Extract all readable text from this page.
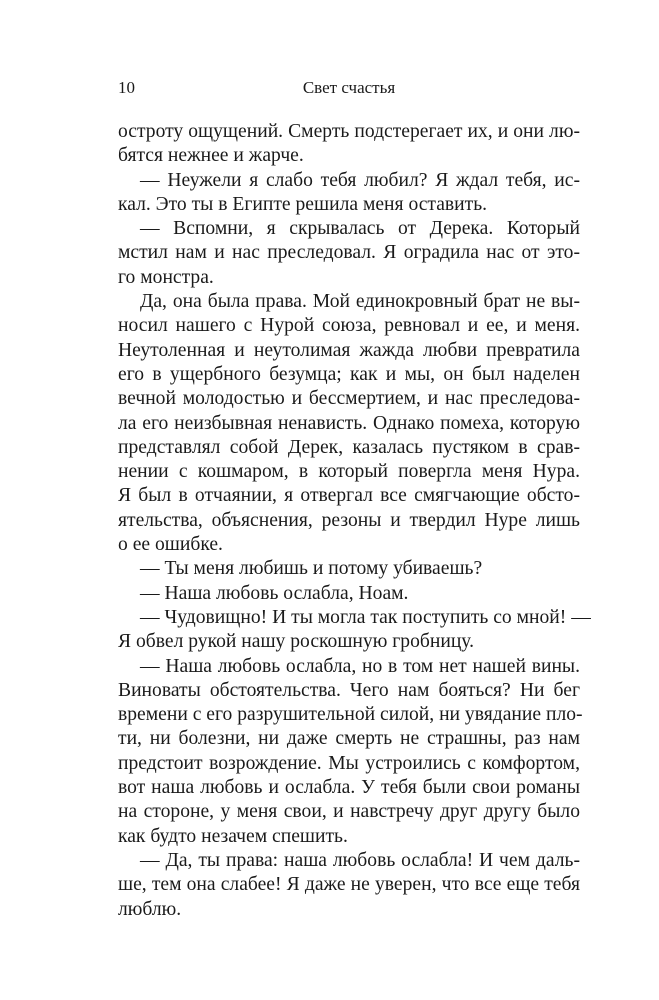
10	Свет счастья
остроту ощущений. Смерть подстерегает их, и они лю-
бятся нежнее и жарче.
— Неужели я слабо тебя любил? Я ждал тебя, ис-
кал. Это ты в Египте решила меня оставить.
— Вспомни, я скрывалась от Дерека. Который
мстил нам и нас преследовал. Я оградила нас от это-
го монстра.
Да, она была права. Мой единокровный брат не вы-
носил нашего с Нурой союза, ревновал и ее, и меня.
Неутоленная и неутолимая жажда любви превратила
его в ущербного безумца; как и мы, он был наделен
вечной молодостью и бессмертием, и нас преследова-
ла его неизбывная ненависть. Однако помеха, которую
представлял собой Дерек, казалась пустяком в срав-
нении с кошмаром, в который повергла меня Нура.
Я был в отчаянии, я отвергал все смягчающие обсто-
ятельства, объяснения, резоны и твердил Нуре лишь
о ее ошибке.
— Ты меня любишь и потому убиваешь?
— Наша любовь ослабла, Ноам.
— Чудовищно! И ты могла так поступить со мной! —
Я обвел рукой нашу роскошную гробницу.
— Наша любовь ослабла, но в том нет нашей вины.
Виноваты обстоятельства. Чего нам бояться? Ни бег
времени с его разрушительной силой, ни увядание пло-
ти, ни болезни, ни даже смерть не страшны, раз нам
предстоит возрождение. Мы устроились с комфортом,
вот наша любовь и ослабла. У тебя были свои романы
на стороне, у меня свои, и навстречу друг другу было
как будто незачем спешить.
— Да, ты права: наша любовь ослабла! И чем даль-
ше, тем она слабее! Я даже не уверен, что все еще тебя
люблю.
